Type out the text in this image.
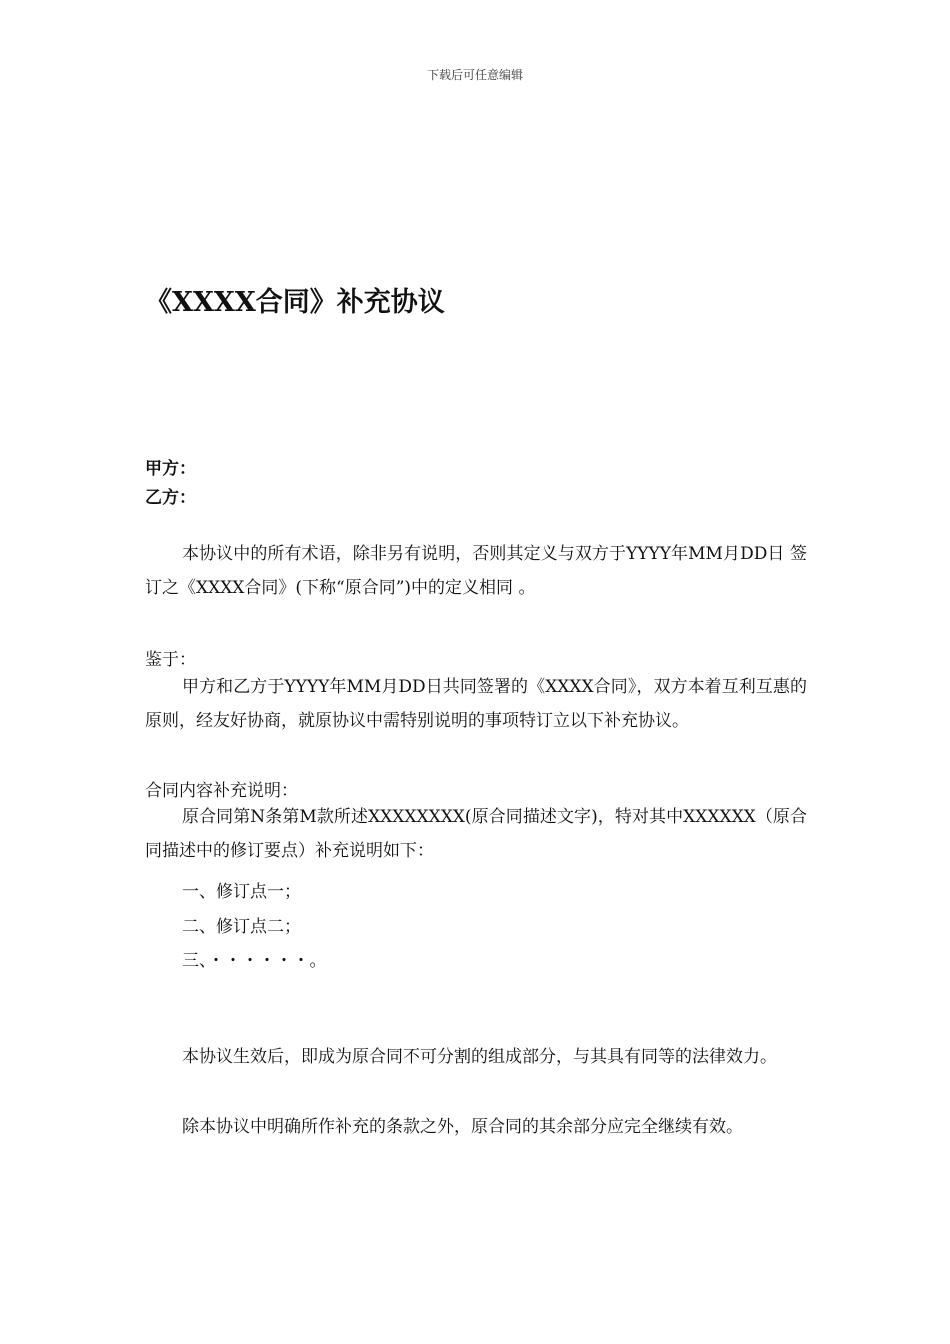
下载后可任意编辑
《XXXX合同》补充协议
甲方：
乙方：
本协议中的所有术语，除非另有说明，否则其定义与双方于YYYY年MM月DD日 签订之《XXXX合同》(下称“原合同”)中的定义相同 。
鉴于：
甲方和乙方于YYYY年MM月DD日共同签署的《XXXX合同》，双方本着互利互惠的原则，经友好协商，就原协议中需特别说明的事项特订立以下补充协议。
合同内容补充说明：
原合同第N条第M款所述XXXXXXXX(原合同描述文字)，特对其中XXXXXX（原合同描述中的修订要点）补充说明如下：
一、修订点一；
二、修订点二；
三、・・・・・・。
本协议生效后，即成为原合同不可分割的组成部分，与其具有同等的法律效力。
除本协议中明确所作补充的条款之外，原合同的其余部分应完全继续有效。
